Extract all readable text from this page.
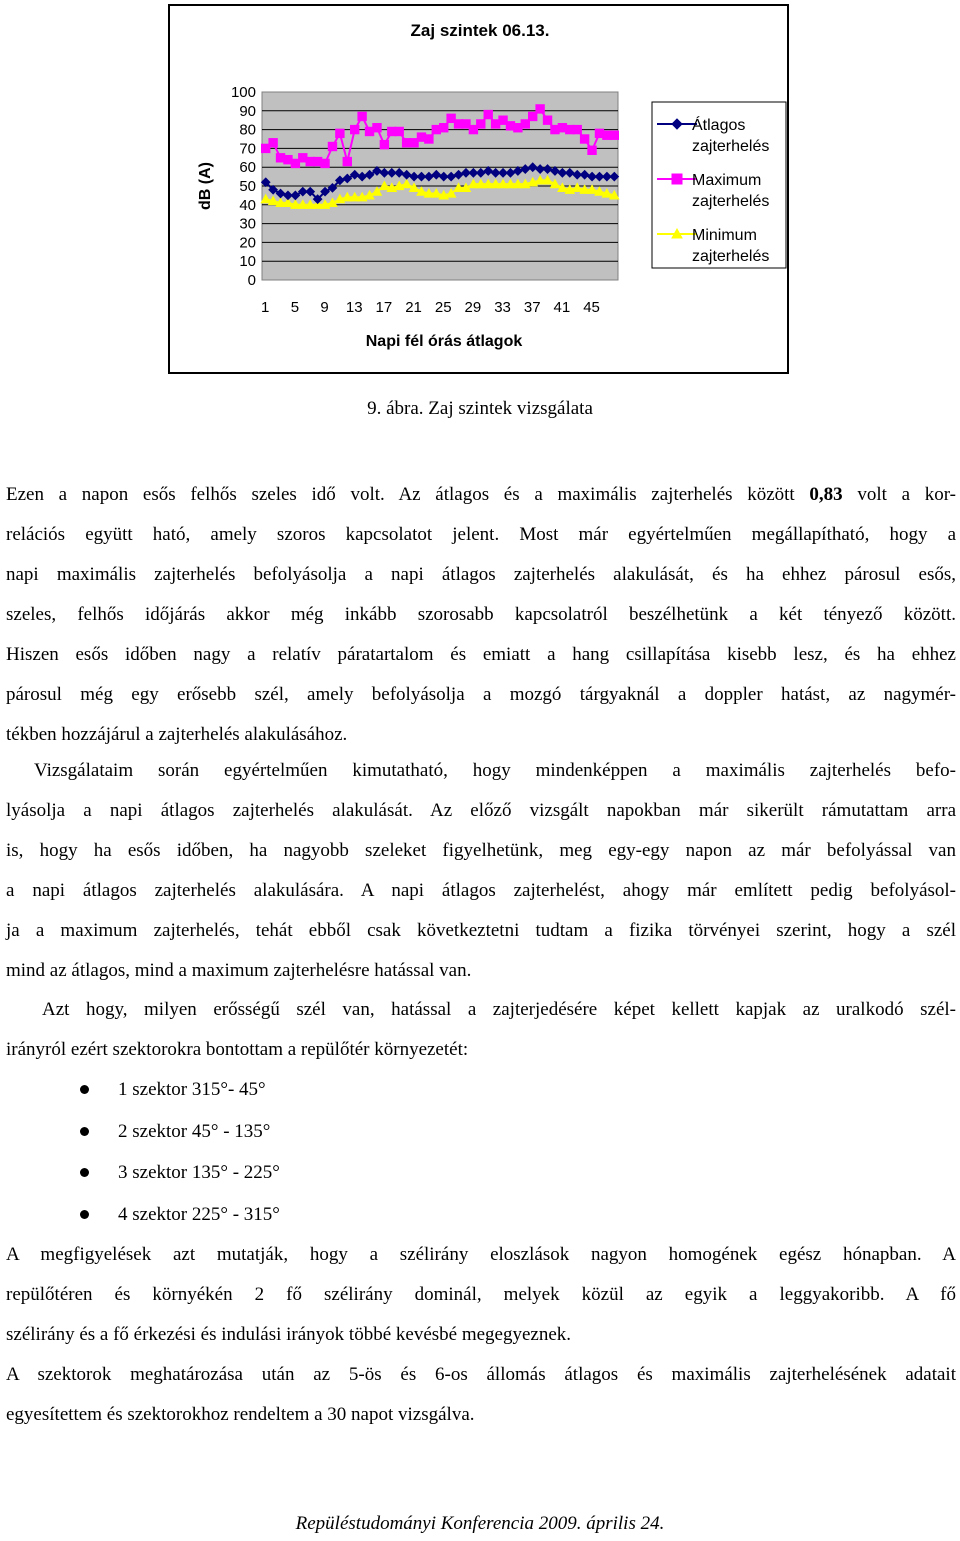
Zaj szintek 06.13.
dB (A)
Napi fél órás átlagok
100
90
80
70
60
50
40
30
20
10
0
1 5 9 13 17 21 25 29 33 37 41 45
Átlagos
zajterhelés
Maximum
zajterhelés
Minimum
zajterhelés
9. ábra. Zaj szintek vizsgálata

Ezen a napon esős felhős szeles idő volt. Az átlagos és a maximális zajterhelés között 0,83 volt a kor-
relációs együtt ható, amely szoros kapcsolatot jelent. Most már egyértelműen megállapítható, hogy a
napi maximális zajterhelés befolyásolja a napi átlagos zajterhelés alakulását, és ha ehhez párosul esős,
szeles, felhős időjárás akkor még inkább szorosabb kapcsolatról beszélhetünk a két tényező között.
Hiszen esős időben nagy a relatív páratartalom és emiatt a hang csillapítása kisebb lesz, és ha ehhez
párosul még egy erősebb szél, amely befolyásolja a mozgó tárgyaknál a doppler hatást, az nagymér-
tékben hozzájárul a zajterhelés alakulásához.

Vizsgálataim során egyértelműen kimutatható, hogy mindenképpen a maximális zajterhelés befo-
lyásolja a napi átlagos zajterhelés alakulását. Az előző vizsgált napokban már sikerült rámutattam arra
is, hogy ha esős időben, ha nagyobb szeleket figyelhetünk, meg egy-egy napon az már befolyással van
a napi átlagos zajterhelés alakulására. A napi átlagos zajterhelést, ahogy már említett pedig befolyásol-
ja a maximum zajterhelés, tehát ebből csak következtetni tudtam a fizika törvényei szerint, hogy a szél
mind az átlagos, mind a maximum zajterhelésre hatással van.

Azt hogy, milyen erősségű szél van, hatással a zajterjedésére képet kellett kapjak az uralkodó szél-
irányról ezért szektorokra bontottam a repülőtér környezetét:

1 szektor 315°- 45°
2 szektor 45° - 135°
3 szektor 135° - 225°
4 szektor 225° - 315°

A megfigyelések azt mutatják, hogy a szélirány eloszlások nagyon homogének egész hónapban. A
repülőtéren és környékén 2 fő szélirány dominál, melyek közül az egyik a leggyakoribb. A fő
szélirány és a fő érkezési és indulási irányok többé kevésbé megegyeznek.

A szektorok meghatározása után az 5-ös és 6-os állomás átlagos és maximális zajterhelésének adatait
egyesítettem és szektorokhoz rendeltem a 30 napot vizsgálva.

Repüléstudományi Konferencia 2009. április 24.
